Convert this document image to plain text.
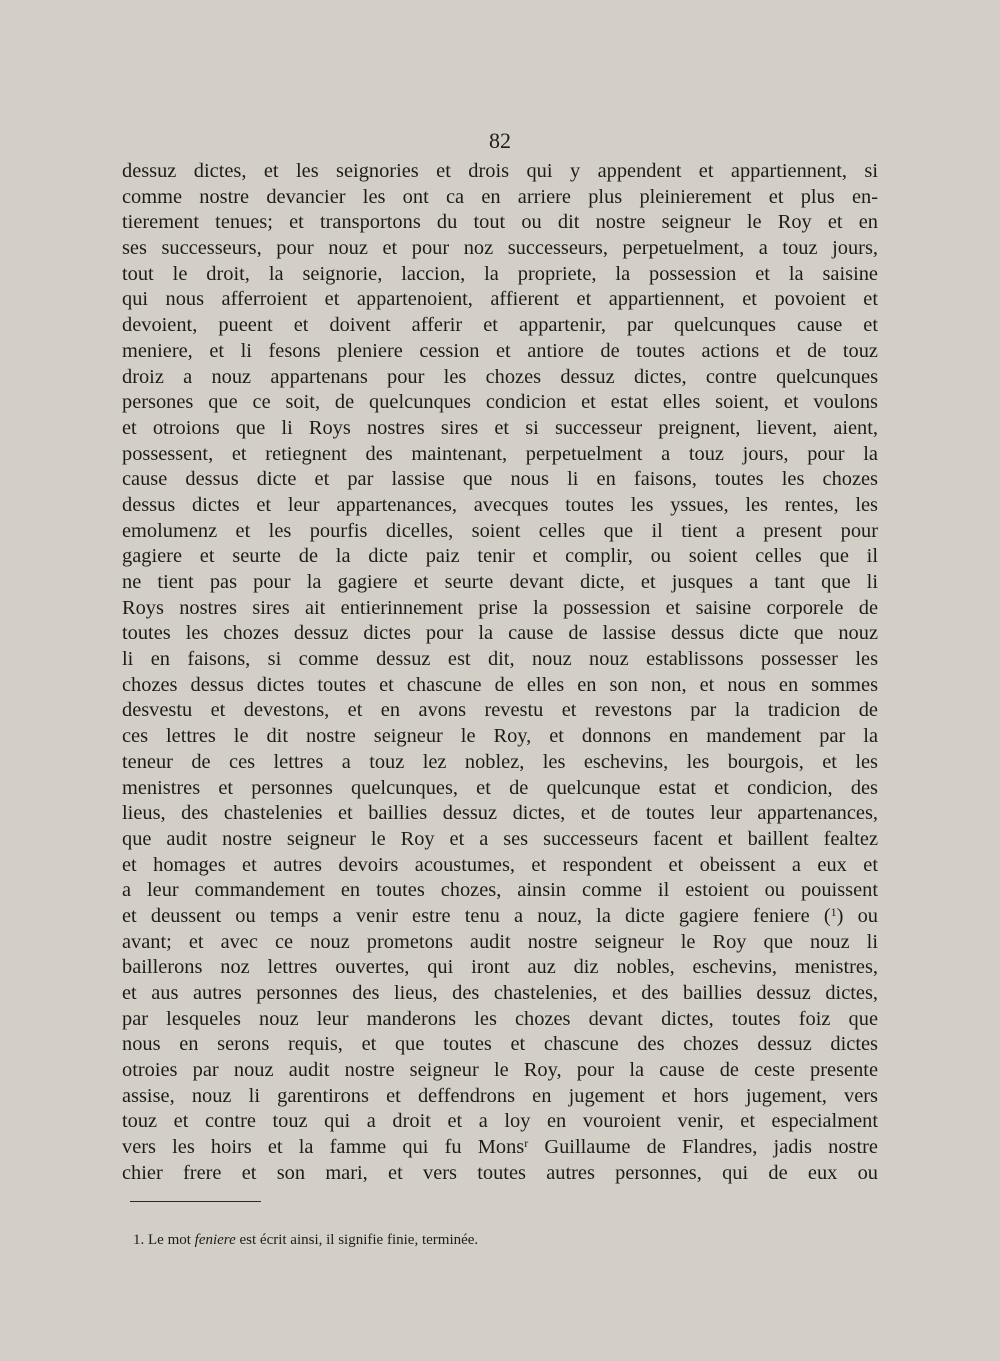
82
dessuz dictes, et les seignories et drois qui y appendent et appartiennent, si
comme nostre devancier les ont ca en arriere plus pleinierement et plus en-
tierement tenues; et transportons du tout ou dit nostre seigneur le Roy et en
ses successeurs, pour nouz et pour noz successeurs, perpetuelment, a touz jours,
tout le droit, la seignorie, laccion, la propriete, la possession et la saisine
qui nous afferroient et appartenoient, affierent et appartiennent, et povoient et
devoient, pueent et doivent afferir et appartenir, par quelcunques cause et
meniere, et li fesons pleniere cession et antiore de toutes actions et de touz
droiz a nouz appartenans pour les chozes dessuz dictes, contre quelcunques
persones que ce soit, de quelcunques condicion et estat elles soient, et voulons
et otroions que li Roys nostres sires et si successeur preignent, lievent, aient,
possessent, et retiegnent des maintenant, perpetuelment a touz jours, pour la
cause dessus dicte et par lassise que nous li en faisons, toutes les chozes
dessus dictes et leur appartenances, avecques toutes les yssues, les rentes, les
emolumenz et les pourfis dicelles, soient celles que il tient a present pour
gagiere et seurte de la dicte paiz tenir et complir, ou soient celles que il
ne tient pas pour la gagiere et seurte devant dicte, et jusques a tant que li
Roys nostres sires ait entierinnement prise la possession et saisine corporele de
toutes les chozes dessuz dictes pour la cause de lassise dessus dicte que nouz
li en faisons, si comme dessuz est dit, nouz nouz establissons possesser les
chozes dessus dictes toutes et chascune de elles en son non, et nous en sommes
desvestu et devestons, et en avons revestu et revestons par la tradicion de
ces lettres le dit nostre seigneur le Roy, et donnons en mandement par la
teneur de ces lettres a touz lez noblez, les eschevins, les bourgois, et les
menistres et personnes quelcunques, et de quelcunque estat et condicion, des
lieus, des chastelenies et baillies dessuz dictes, et de toutes leur appartenances,
que audit nostre seigneur le Roy et a ses successeurs facent et baillent fealtez
et homages et autres devoirs acoustumes, et respondent et obeissent a eux et
a leur commandement en toutes chozes, ainsin comme il estoient ou pouissent
et deussent ou temps a venir estre tenu a nouz, la dicte gagiere feniere ($^1$) ou
avant; et avec ce nouz prometons audit nostre seigneur le Roy que nouz li
baillerons noz lettres ouvertes, qui iront auz diz nobles, eschevins, menistres,
et aus autres personnes des lieus, des chastelenies, et des baillies dessuz dictes,
par lesqueles nouz leur manderons les chozes devant dictes, toutes foiz que
nous en serons requis, et que toutes et chascune des chozes dessuz dictes
otroies par nouz audit nostre seigneur le Roy, pour la cause de ceste presente
assise, nouz li garentirons et deffendrons en jugement et hors jugement, vers
touz et contre touz qui a droit et a loy en vouroient venir, et especialment
vers les hoirs et la famme qui fu Mons$^r$ Guillaume de Flandres, jadis nostre
chier frere et son mari, et vers toutes autres personnes, qui de eux ou
1. Le mot feniere est écrit ainsi, il signifie finie, terminée.
